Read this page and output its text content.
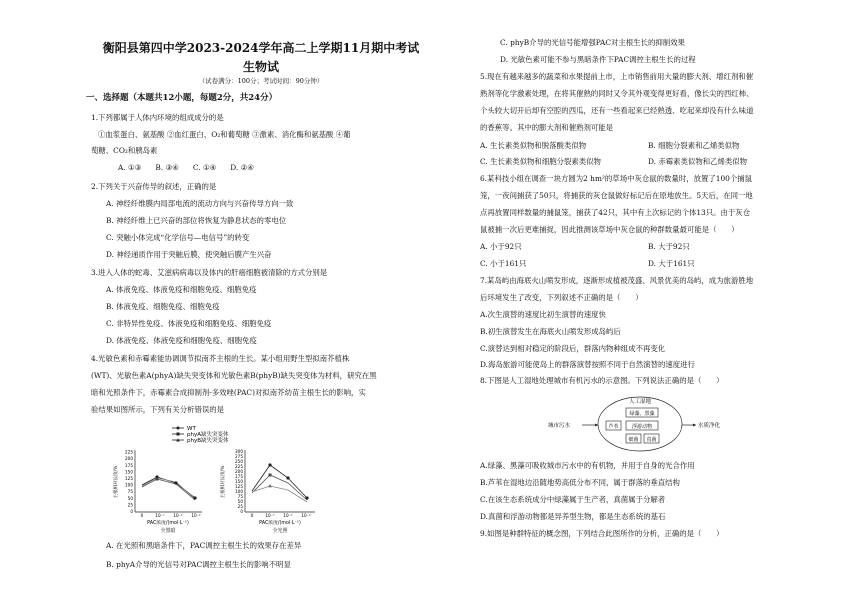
衡阳县第四中学2023-2024学年高二上学期11月期中考试
生物试
（试卷满分：100分；考试时间：90分钟）
一、选择题（本题共12小题，每题2分，共24分）
1.下列都属于人体内环境的组成成分的是
①血浆蛋白、氨基酸 ②血红蛋白、O₂和葡萄糖 ③激素、消化酶和氨基酸 ④葡
萄糖、CO₂和胰岛素
A. ①③      B. ③④      C. ①④      D. ②④
2.下列关于兴奋传导的叙述，正确的是
A. 神经纤维膜内局部电流的流动方向与兴奋传导方向一致
B. 神经纤维上已兴奋的部位将恢复为静息状态的零电位
C. 突触小体完成“化学信号—电信号”的转变
D. 神经递质作用于突触后膜，使突触后膜产生兴奋
3.进入人体的蛇毒、艾滋病病毒以及体内的肝癌细胞被清除的方式分别是
A. 体液免疫、体液免疫和细胞免疫、细胞免疫
B. 体液免疫、细胞免疫、细胞免疫
C. 非特异性免疫、体液免疫和细胞免疫、细胞免疫
D. 体液免疫、体液免疫和细胞免疫、细胞免疫
4.光敏色素和赤霉素能协调调节拟南芥主根的生长。某小组用野生型拟南芥植株
(WT)、光敏色素A(phyA)缺失突变体和光敏色素B(phyB)缺失突变体为材料，研究在黑
暗和光照条件下，赤霉素合成抑制剂-多效唑(PAC)对拟南芥幼苗主根生长的影响，实
验结果如图所示，下列有关分析错误的是
WT
phyA缺失突变体
phyB缺失突变体
0
25
50
75
100
125
150
175
200
225
0	10⁻⁷ 10⁻⁵ 10⁻³
主根相对长度/%
PAC浓度/(mol·L⁻¹)
全黑暗
0
25
50
75
100
125
150
175
200
225
250
275
300
0	10⁻⁷ 10⁻⁵ 10⁻³
主根相对长度/%
PAC浓度/(mol·L⁻¹)
全光照
A. 在光照和黑暗条件下，PAC调控主根生长的效果存在差异
B. phyA介导的光信号对PAC调控主根生长的影响不明显
C. phyB介导的光信号能增强PAC对主根生长的抑制效果
D. 光敏色素可能不参与黑暗条件下PAC调控主根生长的过程
5.现在有越来越多的蔬菜和水果提前上市，上市销售前用大量的膨大剂、增红剂和催
熟剂等化学激素处理，在将其催熟的同时又令其外观变得更好看，像长尖的西红柿、
个头较大切开后却有空腔的西瓜，还有一些看起来已经熟透、吃起来却没有什么味道
的香蕉等。其中的膨大剂和催熟剂可能是
A. 生长素类似物和脱落酸类似物	B. 细胞分裂素和乙烯类似物
C. 生长素类似物和细胞分裂素类似物	D. 赤霉素类似物和乙烯类似物
6.某科技小组在调查一块方圆为2 hm²的草场中灰仓鼠的数量时，放置了100个捕鼠
笼，一夜间捕获了50只，将捕获的灰仓鼠做好标记后在原地放生。5天后，在同一地
点再放置同样数量的捕鼠笼，捕获了42只，其中有上次标记的个体13只。由于灰仓
鼠被捕一次后更难捕捉，因此推测该草场中灰仓鼠的种群数量最可能是（　　）
A. 小于92只	B. 大于92只
C. 小于161只	D. 大于161只
7.某岛屿由海底火山喷发形成，逐渐形成植被茂盛、风景优美的岛屿，成为旅游胜地
后环境发生了改变，下列叙述不正确的是（　　）
A.次生演替的速度比初生演替的速度快
B.初生演替发生在海底火山喷发形成岛屿后
C.演替达到相对稳定的阶段后，群落内物种组成不再变化
D.海岛旅游可能使岛上的群落演替按照不同于自然演替的速度进行
8.下图是人工湿地处理城市有机污水的示意图。下列说法正确的是（　　）
人工湿地
城市污水	水质净化
绿藻、黑藻
芦苇	浮游动物
细菌 真菌
A.绿藻、黑藻可吸收城市污水中的有机物，并用于自身的光合作用
B.芦苇在湿地边沿随地势高低分布不同，属于群落的垂直结构
C.在该生态系统成分中绿藻属于生产者，真菌属于分解者
D.真菌和浮游动物都是异养型生物，都是生态系统的基石
9.如图是种群特征的概念图，下列结合此图所作的分析，正确的是（　　）
